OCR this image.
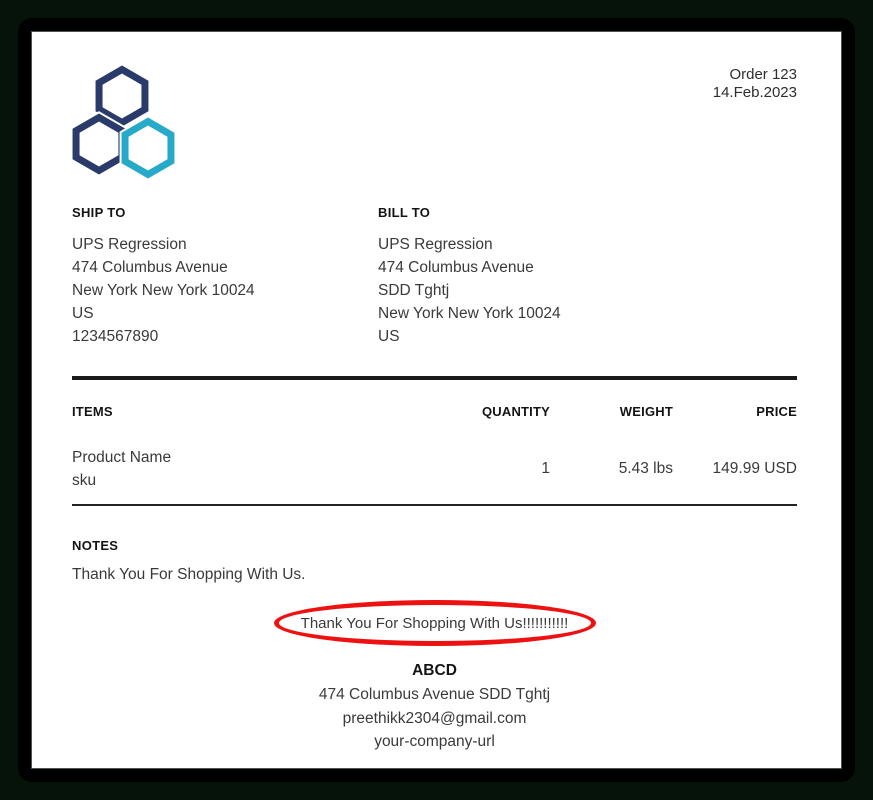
Order 123
14.Feb.2023
SHIP TO
UPS Regression
474 Columbus Avenue
New York New York 10024
US
1234567890
BILL TO
UPS Regression
474 Columbus Avenue
SDD Tghtj
New York New York 10024
US
ITEMS	QUANTITY	WEIGHT	PRICE
Product Name
sku
1	5.43 lbs	149.99 USD
NOTES
Thank You For Shopping With Us.
Thank You For Shopping With Us!!!!!!!!!!!
ABCD
474 Columbus Avenue SDD Tghtj
preethikk2304@gmail.com
your-company-url
